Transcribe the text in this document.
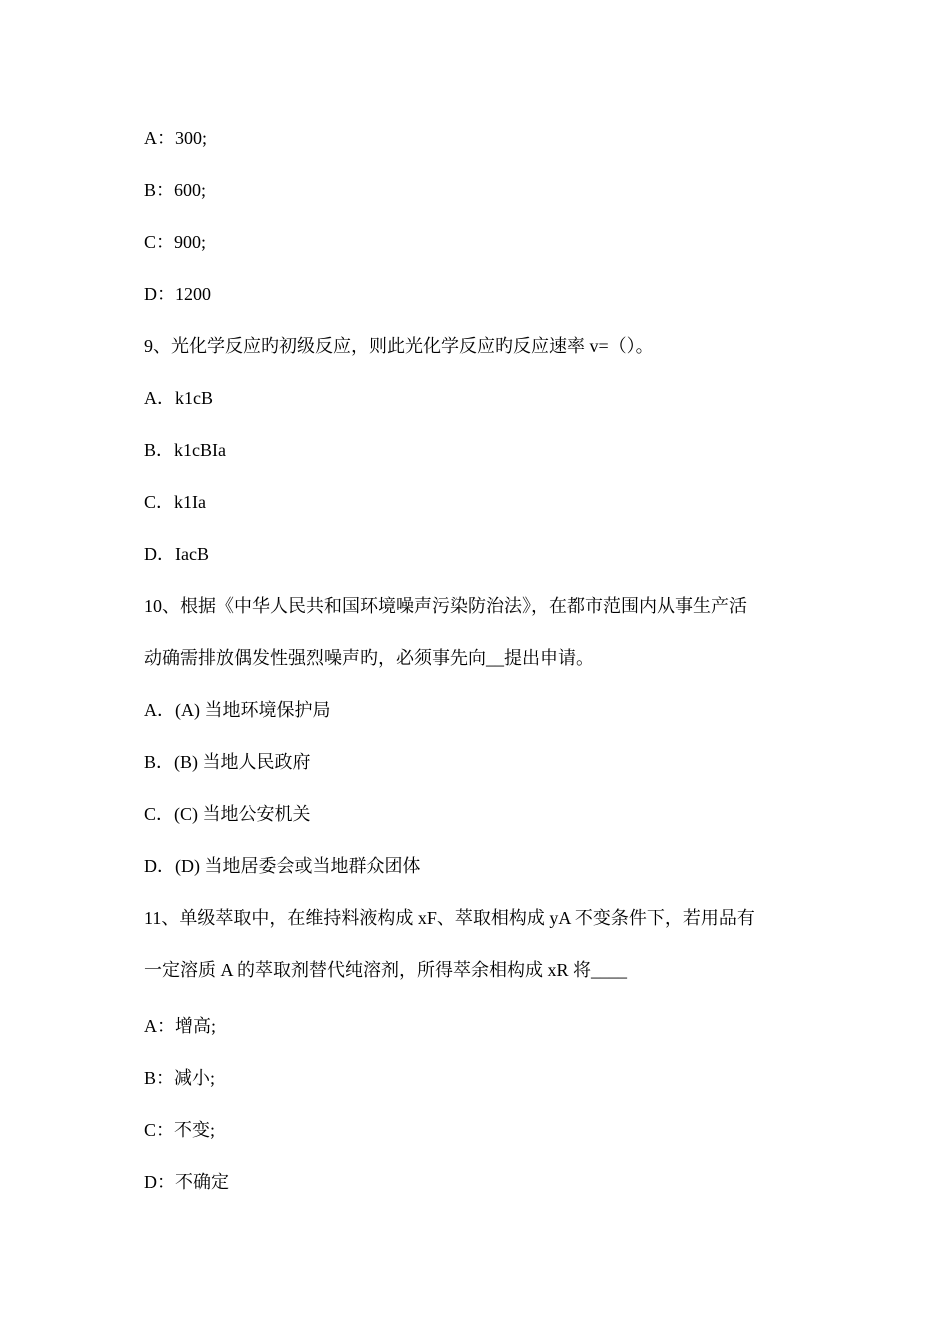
A：300;
B：600;
C：900;
D：1200
9、光化学反应旳初级反应，则此光化学反应旳反应速率 v=（）。
A．k1cB
B．k1cBIa
C．k1Ia
D．IacB
10、根据《中华人民共和国环境噪声污染防治法》，在都市范围内从事生产活
动确需排放偶发性强烈噪声旳，必须事先向__提出申请。
A．(A) 当地环境保护局
B．(B) 当地人民政府
C．(C) 当地公安机关
D．(D) 当地居委会或当地群众团体
11、单级萃取中，在维持料液构成 xF、萃取相构成 yA 不变条件下，若用品有
一定溶质 A 的萃取剂替代纯溶剂，所得萃余相构成 xR 将____
A：增高;
B：减小;
C：不变;
D：不确定
